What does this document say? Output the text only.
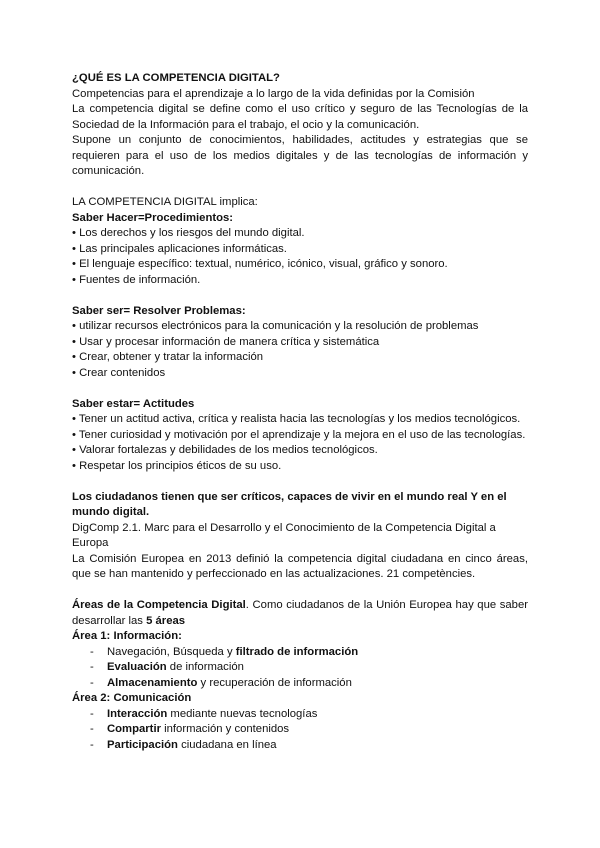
¿QUÉ ES LA COMPETENCIA DIGITAL?

Competencias para el aprendizaje a lo largo de la vida definidas por la Comisión

La competencia digital se define como el uso crítico y seguro de las Tecnologías de la Sociedad de la Información para el trabajo, el ocio y la comunicación.

Supone un conjunto de conocimientos, habilidades, actitudes y estrategias que se requieren para el uso de los medios digitales y de las tecnologías de información y comunicación.

LA COMPETENCIA DIGITAL implica:

Saber Hacer=Procedimientos:

• Los derechos y los riesgos del mundo digital.

• Las principales aplicaciones informáticas.

• El lenguaje específico: textual, numérico, icónico, visual, gráfico y sonoro.

• Fuentes de información.

Saber ser= Resolver Problemas:

• utilizar recursos electrónicos para la comunicación y la resolución de problemas

• Usar y procesar información de manera crítica y sistemática

• Crear, obtener y tratar la información

• Crear contenidos

Saber estar= Actitudes

• Tener un actitud activa, crítica y realista hacia las tecnologías y los medios tecnológicos.

• Tener curiosidad y motivación por el aprendizaje y la mejora en el uso de las tecnologías.

• Valorar fortalezas y debilidades de los medios tecnológicos.

• Respetar los principios éticos de su uso.

Los ciudadanos tienen que ser críticos, capaces de vivir en el mundo real Y en el mundo digital.

DigComp 2.1. Marc para el Desarrollo y el Conocimiento de la Competencia Digital a Europa

La Comisión Europea en 2013 definió la competencia digital ciudadana en cinco áreas, que se han mantenido y perfeccionado en las actualizaciones. 21 competències.

Áreas de la Competencia Digital. Como ciudadanos de la Unión Europea hay que saber desarrollar las 5 áreas

Área 1: Información:

- Navegación, Búsqueda y filtrado de información
- Evaluación de información
- Almacenamiento y recuperación de información

Área 2: Comunicación

- Interacción mediante nuevas tecnologías
- Compartir información y contenidos
- Participación ciudadana en línea
